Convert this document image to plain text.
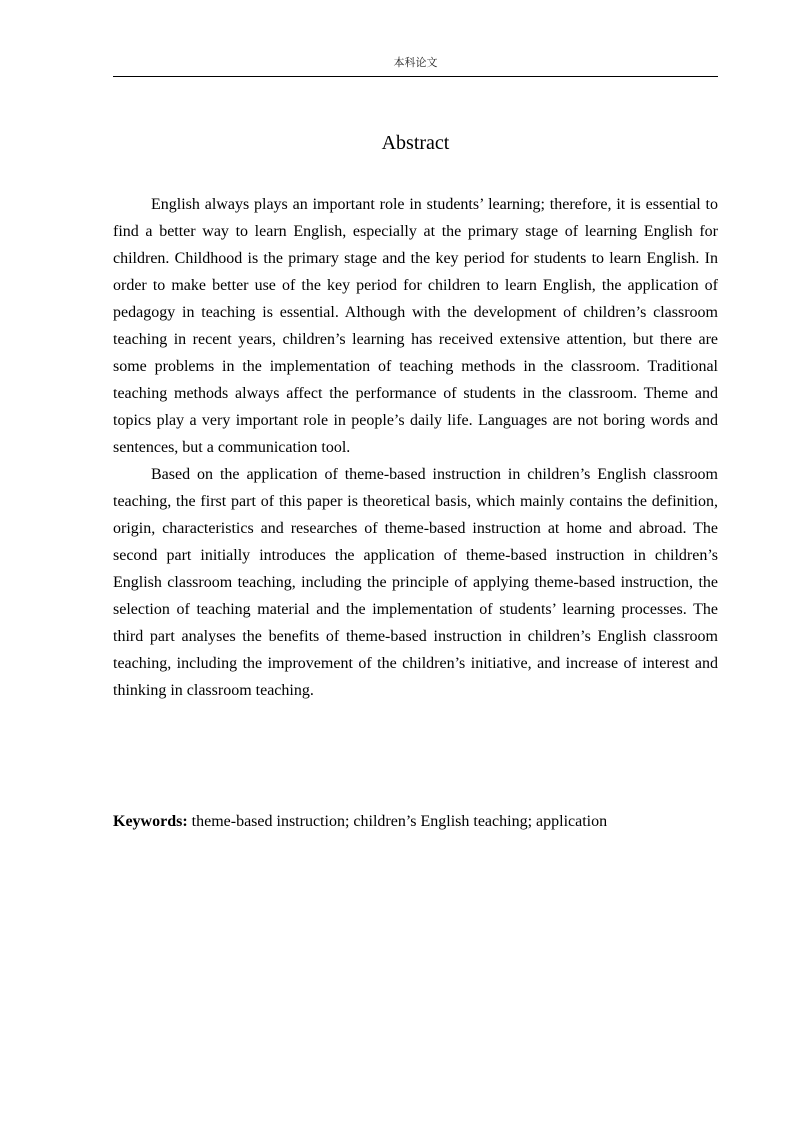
本科论文
Abstract

English always plays an important role in students’ learning; therefore, it is essential to find a better way to learn English, especially at the primary stage of learning English for children. Childhood is the primary stage and the key period for students to learn English. In order to make better use of the key period for children to learn English, the application of pedagogy in teaching is essential. Although with the development of children’s classroom teaching in recent years, children’s learning has received extensive attention, but there are some problems in the implementation of teaching methods in the classroom. Traditional teaching methods always affect the performance of students in the classroom. Theme and topics play a very important role in people’s daily life. Languages are not boring words and sentences, but a communication tool.

Based on the application of theme-based instruction in children’s English classroom teaching, the first part of this paper is theoretical basis, which mainly contains the definition, origin, characteristics and researches of theme-based instruction at home and abroad. The second part initially introduces the application of theme-based instruction in children’s English classroom teaching, including the principle of applying theme-based instruction, the selection of teaching material and the implementation of students’ learning processes. The third part analyses the benefits of theme-based instruction in children’s English classroom teaching, including the improvement of the children’s initiative, and increase of interest and thinking in classroom teaching.

Keywords: theme-based instruction; children’s English teaching; application
